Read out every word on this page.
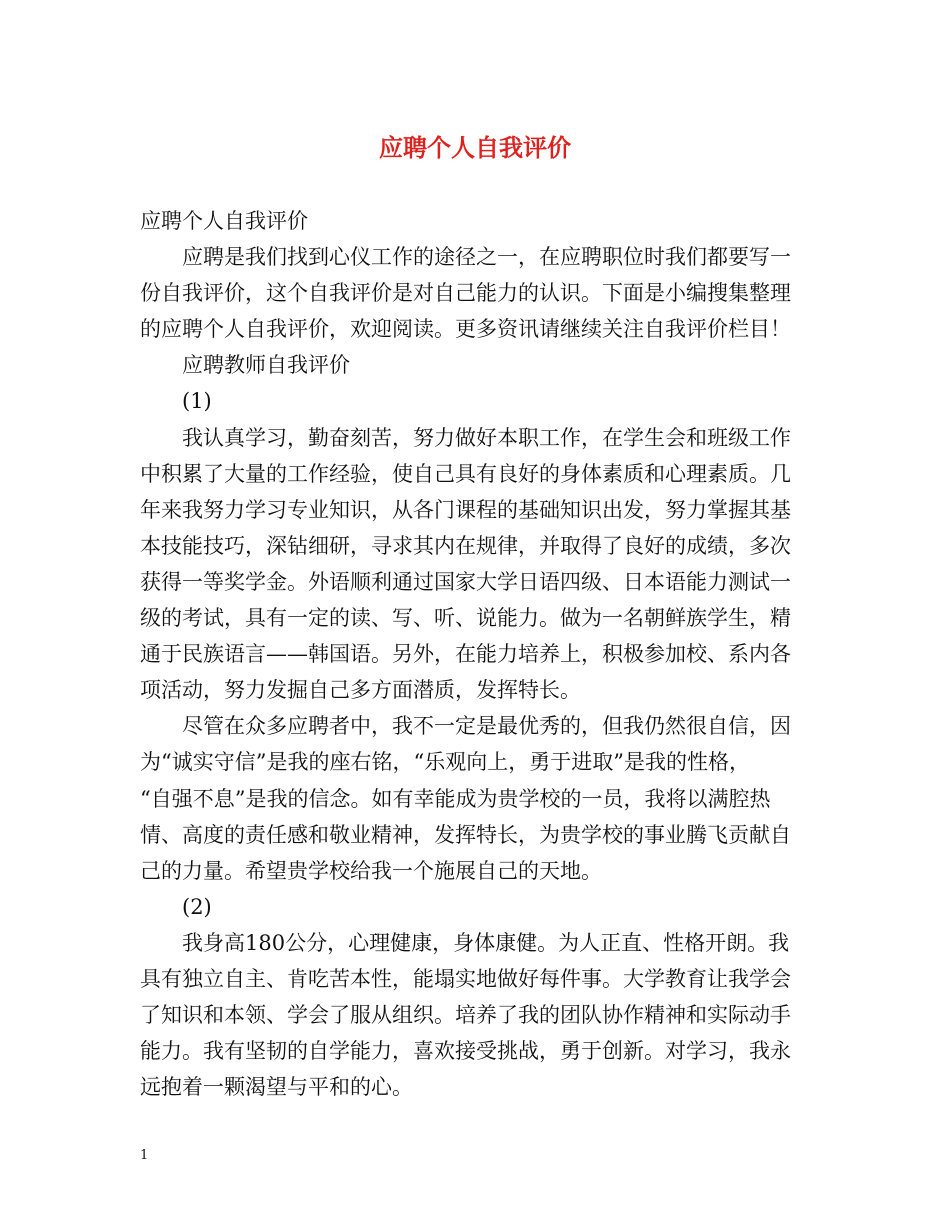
应聘个人自我评价

应聘个人自我评价

应聘是我们找到心仪工作的途径之一，在应聘职位时我们都要写一

份自我评价，这个自我评价是对自己能力的认识。下面是小编搜集整理

的应聘个人自我评价，欢迎阅读。更多资讯请继续关注自我评价栏目！

应聘教师自我评价

(1)

我认真学习，勤奋刻苦，努力做好本职工作，在学生会和班级工作

中积累了大量的工作经验，使自己具有良好的身体素质和心理素质。几

年来我努力学习专业知识，从各门课程的基础知识出发，努力掌握其基

本技能技巧，深钻细研，寻求其内在规律，并取得了良好的成绩，多次

获得一等奖学金。外语顺利通过国家大学日语四级、日本语能力测试一

级的考试，具有一定的读、写、听、说能力。做为一名朝鲜族学生，精

通于民族语言——韩国语。另外，在能力培养上，积极参加校、系内各

项活动，努力发掘自己多方面潜质，发挥特长。

尽管在众多应聘者中，我不一定是最优秀的，但我仍然很自信，因

为“诚实守信”是我的座右铭，“乐观向上，勇于进取”是我的性格，

“自强不息”是我的信念。如有幸能成为贵学校的一员，我将以满腔热

情、高度的责任感和敬业精神，发挥特长，为贵学校的事业腾飞贡献自

己的力量。希望贵学校给我一个施展自己的天地。

(2)

我身高180公分，心理健康，身体康健。为人正直、性格开朗。我

具有独立自主、肯吃苦本性，能塌实地做好每件事。大学教育让我学会

了知识和本领、学会了服从组织。培养了我的团队协作精神和实际动手

能力。我有坚韧的自学能力，喜欢接受挑战，勇于创新。对学习，我永

远抱着一颗渴望与平和的心。

1
